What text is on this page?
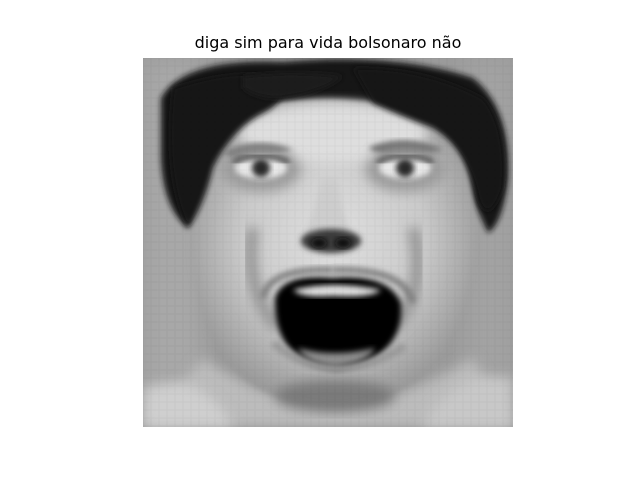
diga sim para vida bolsonaro não
